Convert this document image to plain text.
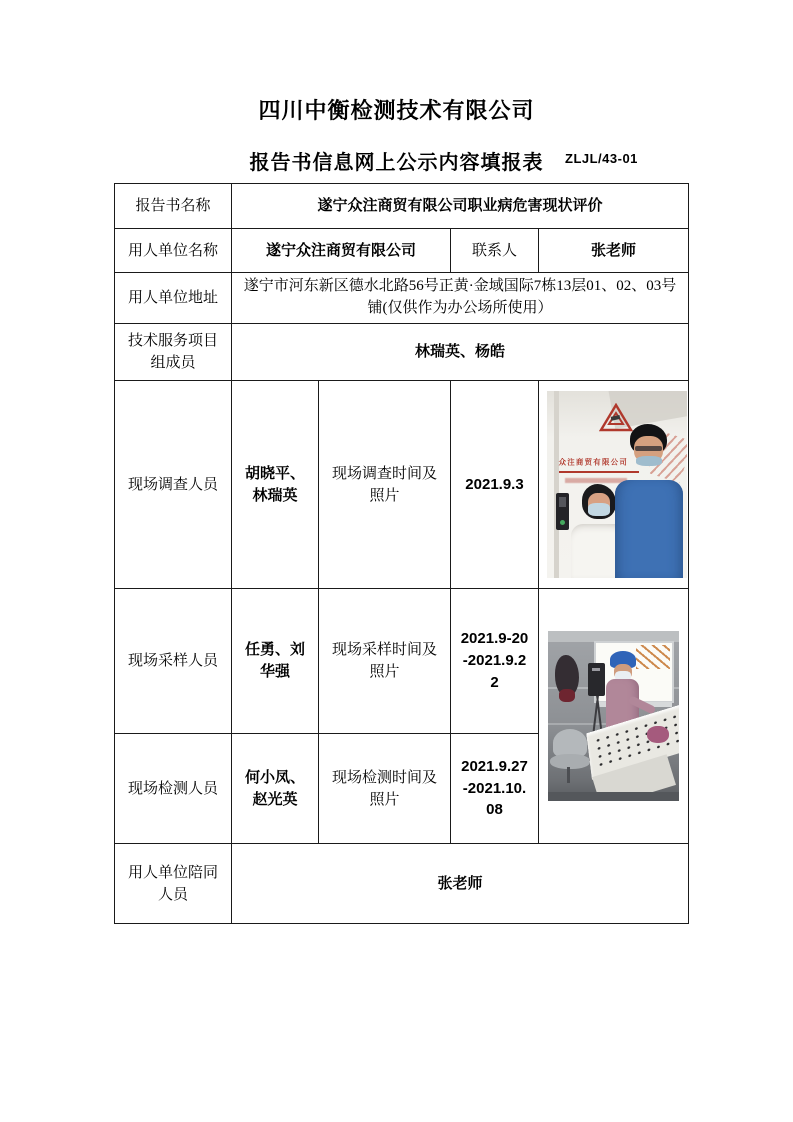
四川中衡检测技术有限公司
报告书信息网上公示内容填报表	ZLJL/43-01
报告书名称	遂宁众注商贸有限公司职业病危害现状评价			
用人单位名称	遂宁众注商贸有限公司		联系人	张老师
用人单位地址	遂宁市河东新区德水北路56号正黄·金域国际7栋13层01、02、03号铺(仅供作为办公场所使用）			
技术服务项目组成员	林瑞英、杨皓			
现场调查人员	胡晓平、林瑞英	现场调查时间及照片	2021.9.3	众注商贸有限公司

现场采样人员	任勇、刘华强	现场采样时间及照片	2021.9-20-2021.9.22	

现场检测人员	何小凤、赵光英	现场检测时间及照片	2021.9.27-2021.10.08	
用人单位陪同人员	张老师			
